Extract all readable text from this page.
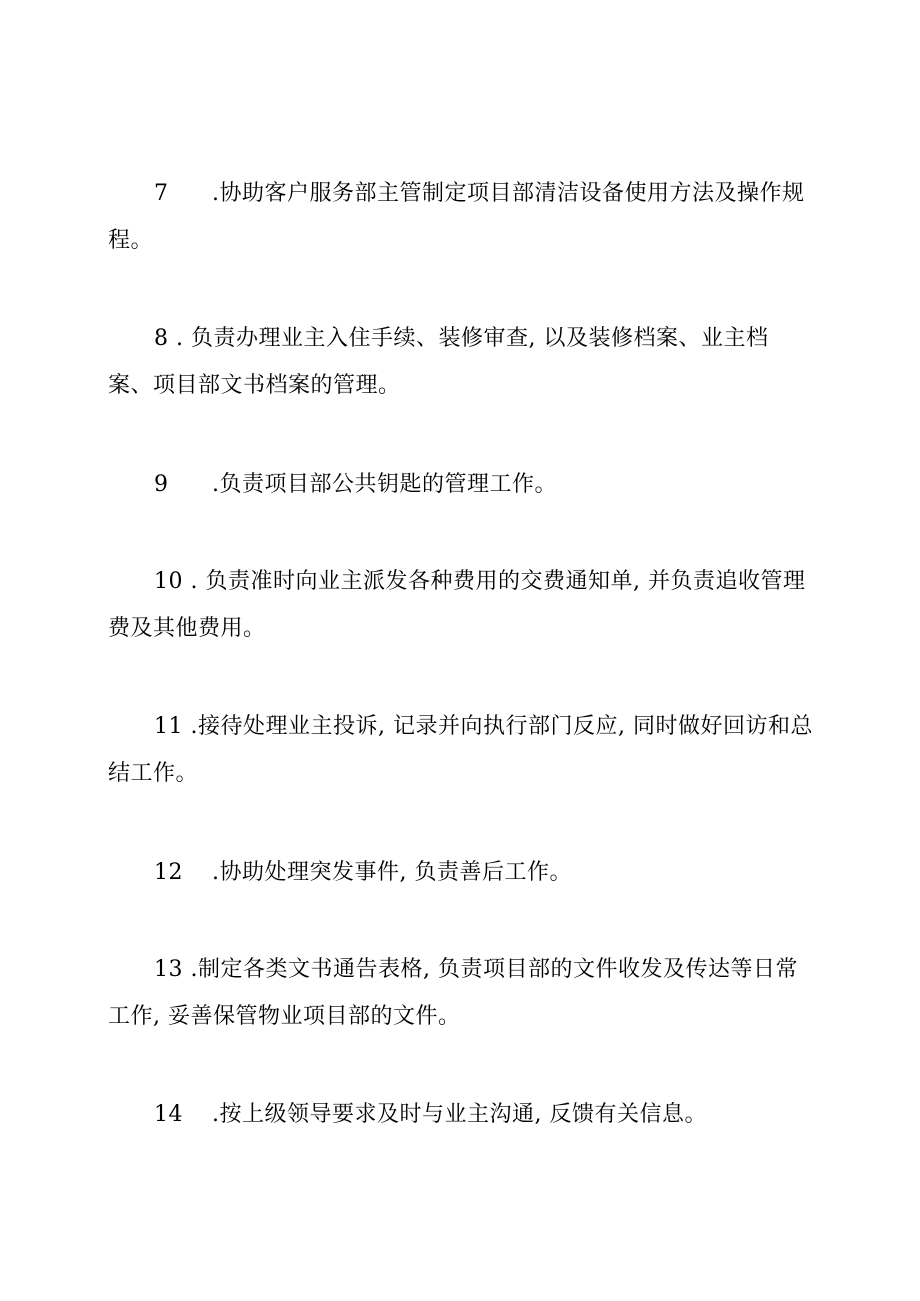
7 .协助客户服务部主管制定项目部清洁设备使用方法及操作规
程。
8 . 负责办理业主入住手续、装修审查, 以及装修档案、业主档
案、项目部文书档案的管理。
9 .负责项目部公共钥匙的管理工作。
10 . 负责准时向业主派发各种费用的交费通知单, 并负责追收管理
费及其他费用。
11 .接待处理业主投诉, 记录并向执行部门反应, 同时做好回访和总
结工作。
12 .协助处理突发事件, 负责善后工作。
13 .制定各类文书通告表格, 负责项目部的文件收发及传达等日常
工作, 妥善保管物业项目部的文件。
14 .按上级领导要求及时与业主沟通, 反馈有关信息。
